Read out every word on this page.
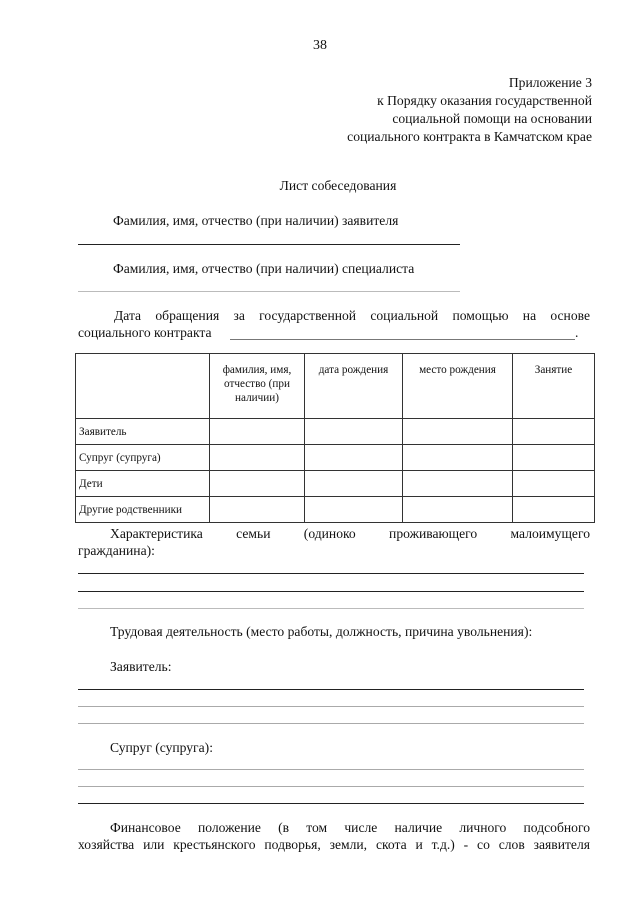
38
Приложение 3
к Порядку оказания государственной
социальной помощи на основании
социального контракта в Камчатском крае
Лист собеседования
Фамилия, имя, отчество (при наличии) заявителя
Фамилия, имя, отчество (при наличии) специалиста
Дата обращения за государственной социальной помощью на основе
социального контракта	.
	фамилия, имя, отчество (при наличии)	дата рождения	место рождения	Занятие
Заявитель				
Супруг (супруга)				
Дети				
Другие родственники				
Характеристика семьи (одиноко проживающего малоимущего
гражданина):
Трудовая деятельность (место работы, должность, причина увольнения):
Заявитель:
Супруг (супруга):
Финансовое положение (в том числе наличие личного подсобного
хозяйства или крестьянского подворья, земли, скота и т.д.) - со слов заявителя
